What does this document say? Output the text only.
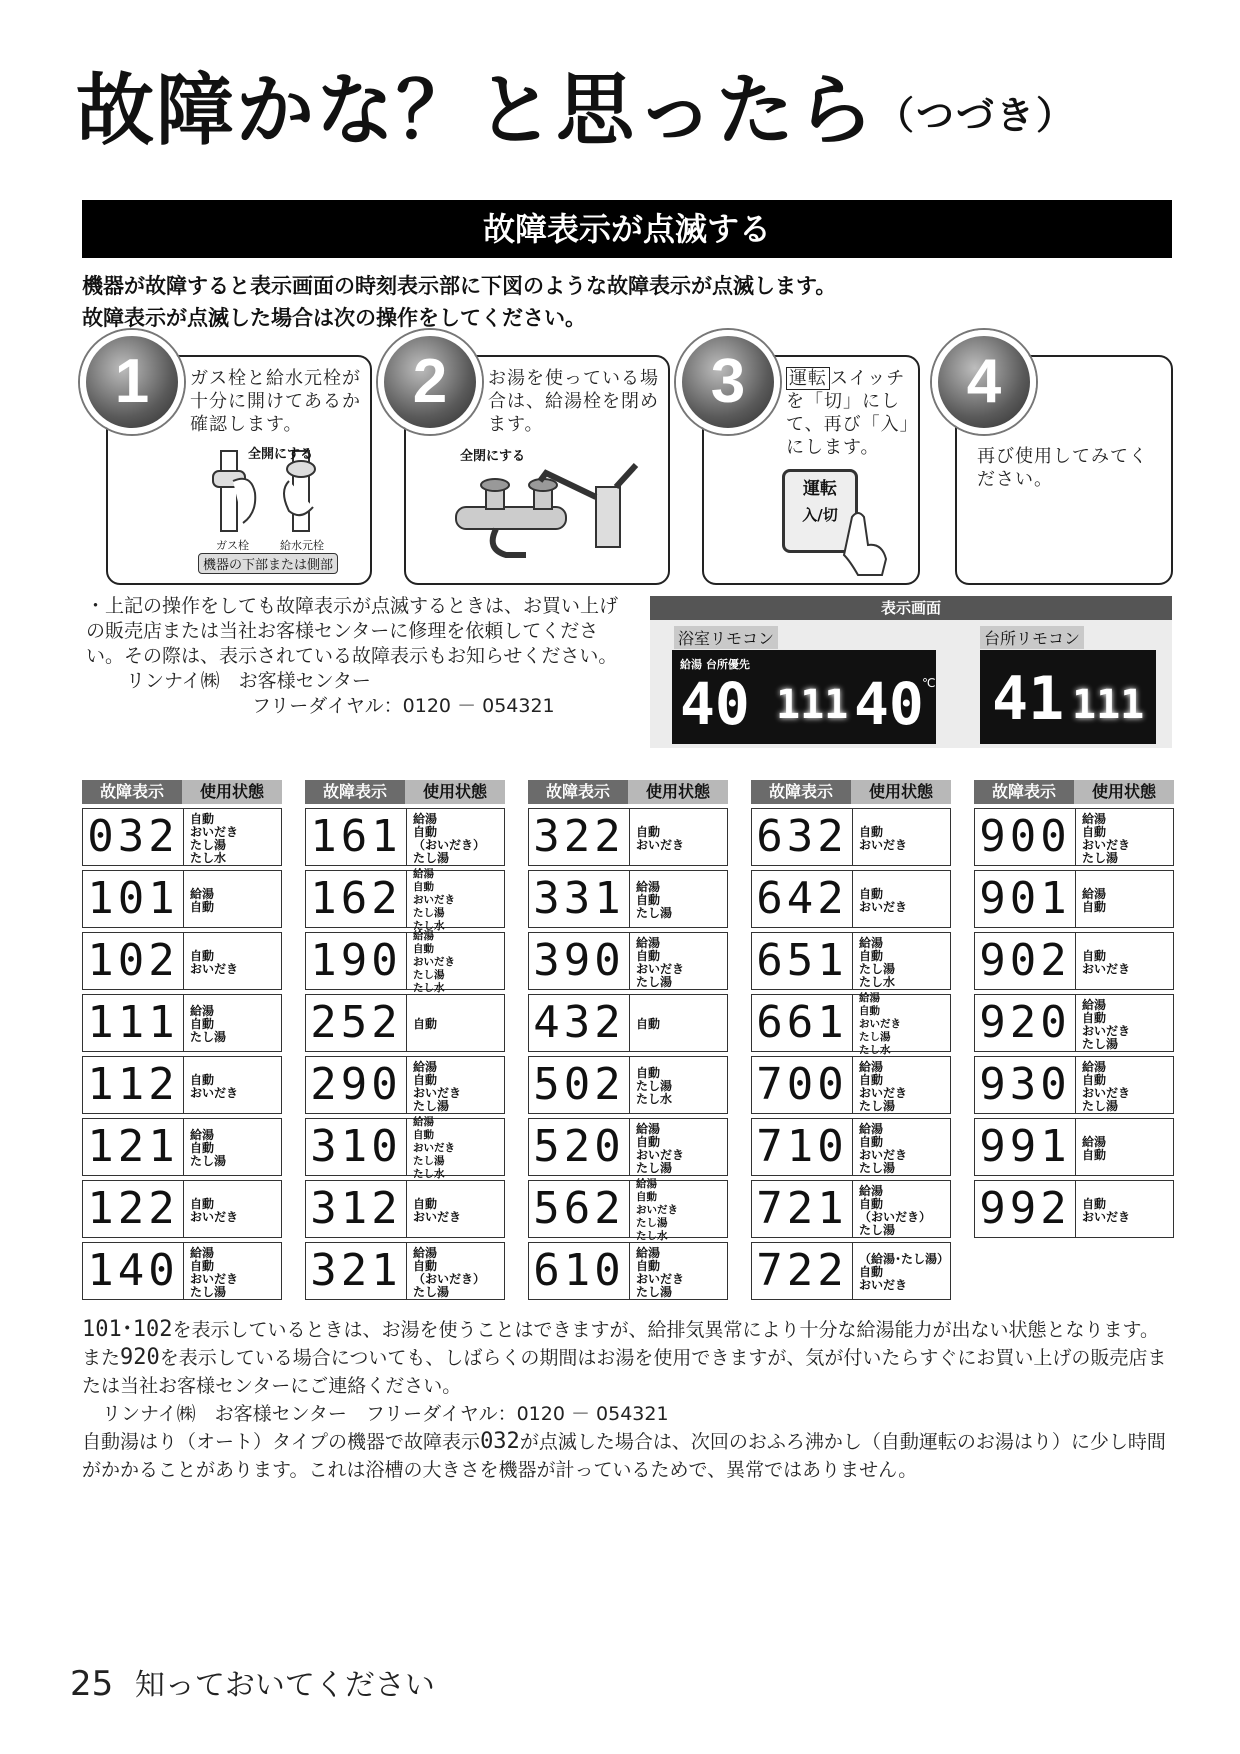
故障かな？と思ったら（つづき）
故障表示が点滅する
機器が故障すると表示画面の時刻表示部に下図のような故障表示が点滅します。
故障表示が点滅した場合は次の操作をしてください。
ガス栓と給水元栓が十分に開けてあるか確認します。
全開にする
ガス栓	給水元栓
機器の下部または側部
1	お湯を使っている場合は、給湯栓を閉めます。
全閉にする
2	運転 スイッチを「切」にして、再び「入」にします。
運転
入/切
3
再び使用してみてください。
4
・上記の操作をしても故障表示が点滅するときは、お買い上げの販売店または当社お客様センターに修理を依頼してください。その際は、表示されている故障表示もお知らせください。
リンナイ㈱　お客様センター
フリーダイヤル：0120 － 054321
表示画面
浴室リモコン	台所リモコン
給湯 台所優先
40 111 40
℃ 41 111
故障表示	使用状態
032 自動
おいだき
たし湯
たし水
101 給湯
自動
102 自動
おいだき
111 給湯
自動
たし湯
112 自動
おいだき
121 給湯
自動
たし湯
122 自動
おいだき
140 給湯
自動
おいだき
たし湯
故障表示	使用状態
161 給湯
自動
（おいだき）
たし湯
162	給湯
自動
おいだき
たし湯
たし水
190	給湯
自動
おいだき
たし湯
たし水
252 自動
290 給湯
自動
おいだき
たし湯
310	給湯
自動
おいだき
たし湯
たし水
312 自動
おいだき
321 給湯
自動
（おいだき）
たし湯
故障表示	使用状態
322 自動
おいだき
331 給湯
自動
たし湯
390 給湯
自動
おいだき
たし湯
432 自動
502 自動
たし湯
たし水
520 給湯
自動
おいだき
たし湯
562	給湯
自動
おいだき
たし湯
たし水
610 給湯
自動
おいだき
たし湯
故障表示	使用状態
632 自動
おいだき
642 自動
おいだき
651 給湯
自動
たし湯
たし水
661	給湯
自動
おいだき
たし湯
たし水
700 給湯
自動
おいだき
たし湯
710 給湯
自動
おいだき
たし湯
721 給湯
自動
（おいだき）
たし湯
722 （給湯･たし湯）
自動
おいだき
故障表示	使用状態
900 給湯
自動
おいだき
たし湯
901 給湯
自動
902 自動
おいだき
920 給湯
自動
おいだき
たし湯
930 給湯
自動
おいだき
たし湯
991 給湯
自動
992 自動
おいだき
101･102を表示しているときは、お湯を使うことはできますが、給排気異常により十分な給湯能力が出ない状態となります。また920を表示している場合についても、しばらくの期間はお湯を使用できますが、気が付いたらすぐにお買い上げの販売店または当社お客様センターにご連絡ください。
リンナイ㈱　お客様センター　フリーダイヤル：0120 － 054321
自動湯はり（オート）タイプの機器で故障表示032が点滅した場合は、次回のおふろ沸かし（自動運転のお湯はり）に少し時間がかかることがあります。これは浴槽の大きさを機器が計っているためで、異常ではありません。
25 知っておいてください
